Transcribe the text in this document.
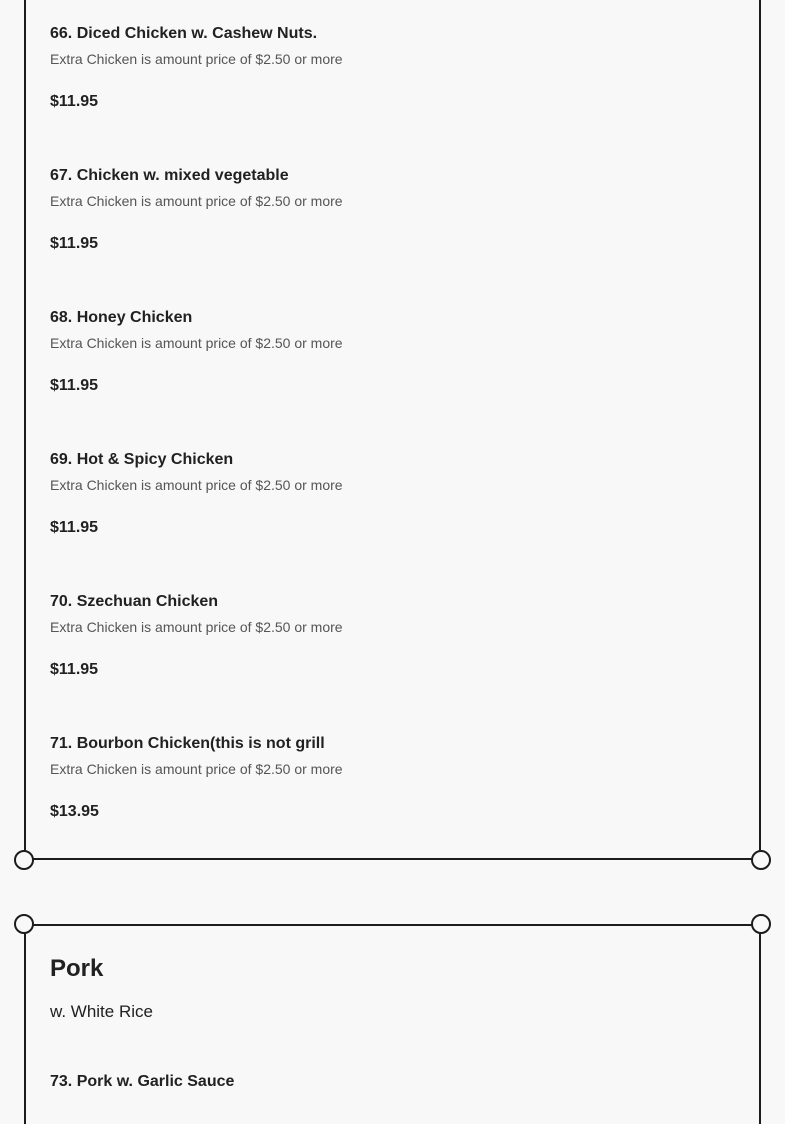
66. Diced Chicken w. Cashew Nuts.
Extra Chicken is amount price of $2.50 or more
$11.95
67. Chicken w. mixed vegetable
Extra Chicken is amount price of $2.50 or more
$11.95
68. Honey Chicken
Extra Chicken is amount price of $2.50 or more
$11.95
69. Hot & Spicy Chicken
Extra Chicken is amount price of $2.50 or more
$11.95
70. Szechuan Chicken
Extra Chicken is amount price of $2.50 or more
$11.95
71. Bourbon Chicken(this is not grill
Extra Chicken is amount price of $2.50 or more
$13.95
Pork
w. White Rice
73. Pork w. Garlic Sauce
